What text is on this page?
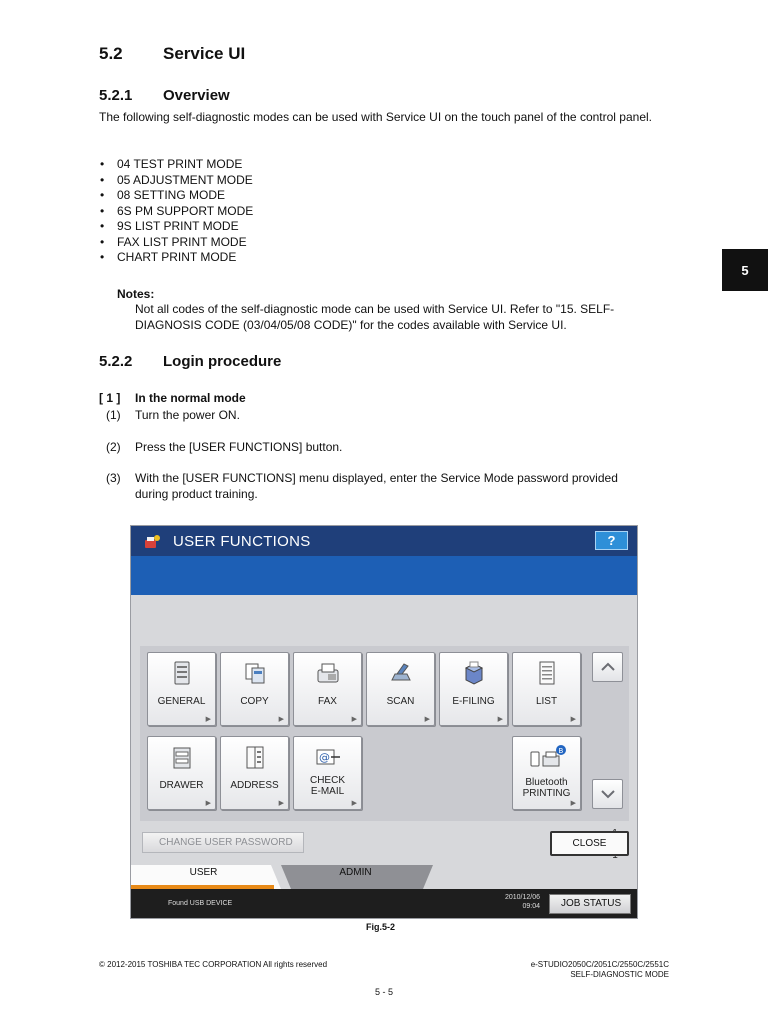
5.2 Service UI
5.2.1 Overview
The following self-diagnostic modes can be used with Service UI on the touch panel of the control panel.
• 04 TEST PRINT MODE
• 05 ADJUSTMENT MODE
• 08 SETTING MODE
• 6S PM SUPPORT MODE
• 9S LIST PRINT MODE
• FAX LIST PRINT MODE
• CHART PRINT MODE
5
Notes:
Not all codes of the self-diagnostic mode can be used with Service UI. Refer to "15. SELF-
DIAGNOSIS CODE (03/04/05/08 CODE)" for the codes available with Service UI.
5.2.2 Login procedure
[ 1 ] In the normal mode
(1) Turn the power ON.
(2) Press the [USER FUNCTIONS] button.
(3) With the [USER FUNCTIONS] menu displayed, enter the Service Mode password provided
during product training.
USER FUNCTIONS	?
GENERAL
▶
COPY
▶
FAX
▶
SCAN
▶
E-FILING
▶
LIST
▶
DRAWER
▶
ADDRESS
▶
@
CHECK
E-MAIL
▶
B
Bluetooth
PRINTING
▶
CHANGE USER PASSWORD	CLOSE
USER	ADMIN
Found USB DEVICE
2010/12/06
09:04	JOB STATUS
Fig.5-2
© 2012-2015 TOSHIBA TEC CORPORATION All rights reserved	e-STUDIO2050C/2051C/2550C/2551C
SELF-DIAGNOSTIC MODE
5 - 5
